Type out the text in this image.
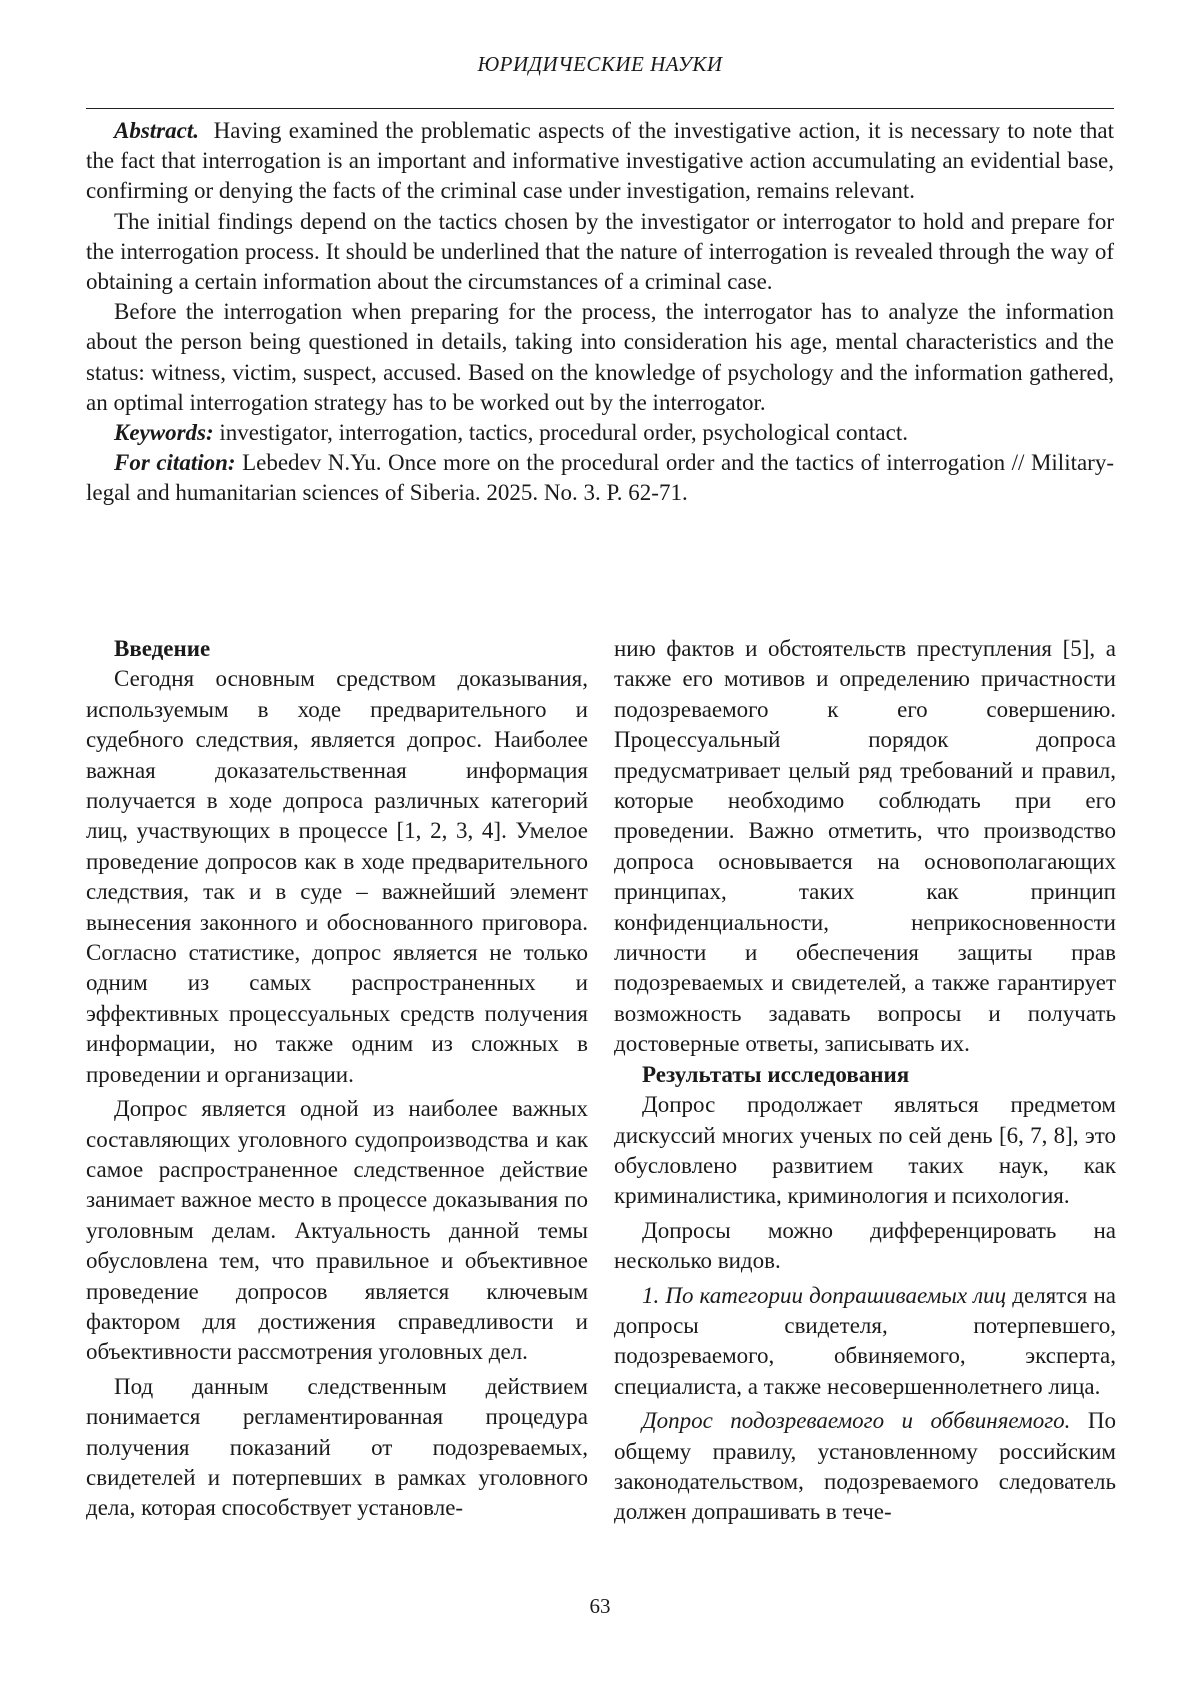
ЮРИДИЧЕСКИЕ НАУКИ

Abstract. Having examined the problematic aspects of the investigative action, it is necessary to note that the fact that interrogation is an important and informative investigative action accumulating an evidential base, confirming or denying the facts of the criminal case under investigation, remains relevant.

The initial findings depend on the tactics chosen by the investigator or interrogator to hold and prepare for the interrogation process. It should be underlined that the nature of interrogation is revealed through the way of obtaining a certain information about the circumstances of a criminal case.

Before the interrogation when preparing for the process, the interrogator has to analyze the information about the person being questioned in details, taking into consideration his age, mental characteristics and the status: witness, victim, suspect, accused. Based on the knowledge of psychology and the information gathered, an optimal interrogation strategy has to be worked out by the interrogator.

Keywords: investigator, interrogation, tactics, procedural order, psychological contact.

For citation: Lebedev N.Yu. Once more on the procedural order and the tactics of interrogation // Military-legal and humanitarian sciences of Siberia. 2025. No. 3. P. 62-71.

Введение

Сегодня основным средством доказывания, используемым в ходе предварительного и судебного следствия, является допрос. Наиболее важная доказательственная информация получается в ходе допроса различных категорий лиц, участвующих в процессе [1, 2, 3, 4]. Умелое проведение допросов как в ходе предварительного следствия, так и в суде – важнейший элемент вынесения законного и обоснованного приговора. Согласно статистике, допрос является не только одним из самых распространенных и эффективных процессуальных средств получения информации, но также одним из сложных в проведении и организации.

Допрос является одной из наиболее важных составляющих уголовного судопроизводства и как самое распространенное следственное действие занимает важное место в процессе доказывания по уголовным делам. Актуальность данной темы обусловлена тем, что правильное и объективное проведение допросов является ключевым фактором для достижения справедливости и объективности рассмотрения уголовных дел.

Под данным следственным действием понимается регламентированная процедура получения показаний от подозреваемых, свидетелей и потерпевших в рамках уголовного дела, которая способствует установле-

нию фактов и обстоятельств преступления [5], а также его мотивов и определению причастности подозреваемого к его совершению. Процессуальный порядок допроса предусматривает целый ряд требований и правил, которые необходимо соблюдать при его проведении. Важно отметить, что производство допроса основывается на основополагающих принципах, таких как принцип конфиденциальности, неприкосновенности личности и обеспечения защиты прав подозреваемых и свидетелей, а также гарантирует возможность задавать вопросы и получать достоверные ответы, записывать их.

Результаты исследования

Допрос продолжает являться предметом дискуссий многих ученых по сей день [6, 7, 8], это обусловлено развитием таких наук, как криминалистика, криминология и психология.

Допросы можно дифференцировать на несколько видов.

1. По категории допрашиваемых лиц делятся на допросы свидетеля, потерпевшего, подозреваемого, обвиняемого, эксперта, специалиста, а также несовершеннолетнего лица.

Допрос подозреваемого и оббвиняемого. По общему правилу, установленному российским законодательством, подозреваемого следователь должен допрашивать в тече-

63
